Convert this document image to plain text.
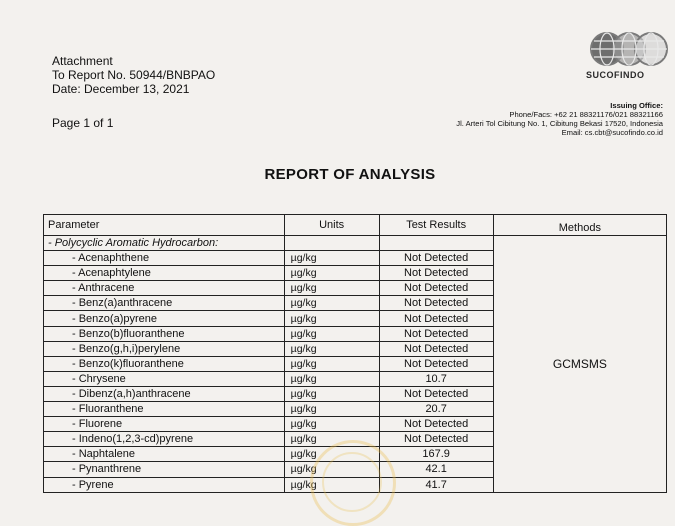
Attachment
To Report No. 50944/BNBPAO
Date: December 13, 2021
Page 1 of 1
SUCOFINDO
Issuing Office:
Phone/Facs: +62 21 88321176/021 88321166
Jl. Arteri Tol Cibitung No. 1, Cibitung Bekasi 17520, Indonesia
Email: cs.cbt@sucofindo.co.id
REPORT OF ANALYSIS
Parameter	Units	Test Results	Methods
- Polycyclic Aromatic Hydrocarbon:			GCMSMS
- Acenaphthene	µg/kg	Not Detected	
- Acenaphtylene	µg/kg	Not Detected	
- Anthracene	µg/kg	Not Detected	
- Benz(a)anthracene	µg/kg	Not Detected	
- Benzo(a)pyrene	µg/kg	Not Detected	
- Benzo(b)fluoranthene	µg/kg	Not Detected	
- Benzo(g,h,i)perylene	µg/kg	Not Detected	
- Benzo(k)fluoranthene	µg/kg	Not Detected	
- Chrysene	µg/kg	10.7	
- Dibenz(a,h)anthracene	µg/kg	Not Detected	
- Fluoranthene	µg/kg	20.7	
- Fluorene	µg/kg	Not Detected	
- Indeno(1,2,3-cd)pyrene	µg/kg	Not Detected	
- Naphtalene	µg/kg	167.9	
- Pynanthrene	µg/kg	42.1	
- Pyrene	µg/kg	41.7	
